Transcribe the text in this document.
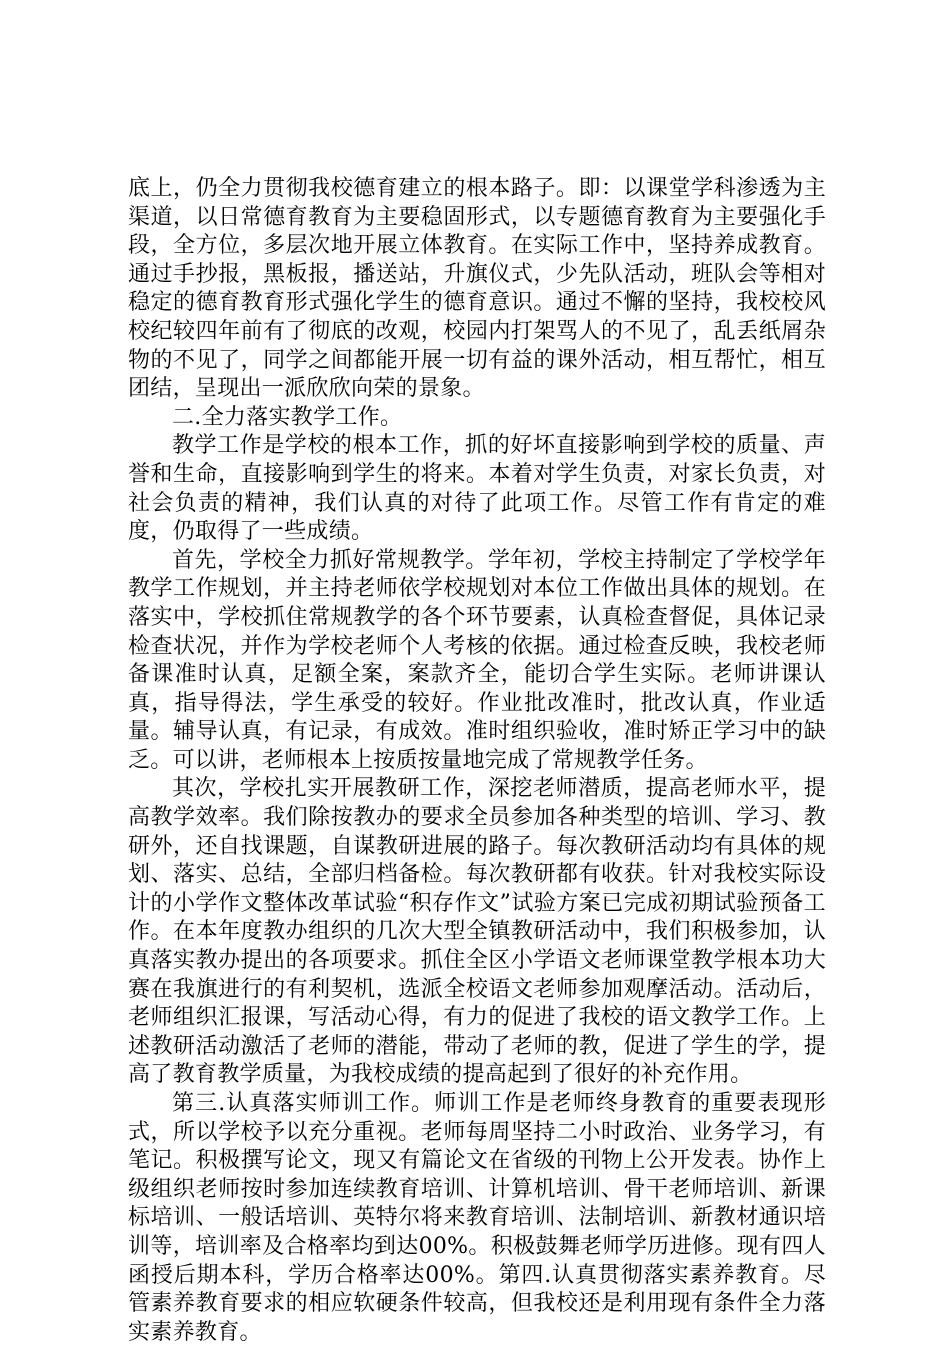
底上，仍全力贯彻我校德育建立的根本路子。即：以课堂学科渗透为主渠道，以日常德育教育为主要稳固形式，以专题德育教育为主要强化手段，全方位，多层次地开展立体教育。在实际工作中，坚持养成教育。通过手抄报，黑板报，播送站，升旗仪式，少先队活动，班队会等相对稳定的德育教育形式强化学生的德育意识。通过不懈的坚持，我校校风校纪较四年前有了彻底的改观，校园内打架骂人的不见了，乱丢纸屑杂物的不见了，同学之间都能开展一切有益的课外活动，相互帮忙，相互团结，呈现出一派欣欣向荣的景象。

二.全力落实教学工作。

教学工作是学校的根本工作，抓的好坏直接影响到学校的质量、声誉和生命，直接影响到学生的将来。本着对学生负责，对家长负责，对社会负责的精神，我们认真的对待了此项工作。尽管工作有肯定的难度，仍取得了一些成绩。

首先，学校全力抓好常规教学。学年初，学校主持制定了学校学年教学工作规划，并主持老师依学校规划对本位工作做出具体的规划。在落实中，学校抓住常规教学的各个环节要素，认真检查督促，具体记录检查状况，并作为学校老师个人考核的依据。通过检查反映，我校老师备课准时认真，足额全案，案款齐全，能切合学生实际。老师讲课认真，指导得法，学生承受的较好。作业批改准时，批改认真，作业适量。辅导认真，有记录，有成效。准时组织验收，准时矫正学习中的缺乏。可以讲，老师根本上按质按量地完成了常规教学任务。

其次，学校扎实开展教研工作，深挖老师潜质，提高老师水平，提高教学效率。我们除按教办的要求全员参加各种类型的培训、学习、教研外，还自找课题，自谋教研进展的路子。每次教研活动均有具体的规划、落实、总结，全部归档备检。每次教研都有收获。针对我校实际设计的小学作文整体改革试验“积存作文”试验方案已完成初期试验预备工作。在本年度教办组织的几次大型全镇教研活动中，我们积极参加，认真落实教办提出的各项要求。抓住全区小学语文老师课堂教学根本功大赛在我旗进行的有利契机，选派全校语文老师参加观摩活动。活动后，老师组织汇报课，写活动心得，有力的促进了我校的语文教学工作。上述教研活动激活了老师的潜能，带动了老师的教，促进了学生的学，提高了教育教学质量，为我校成绩的提高起到了很好的补充作用。

第三.认真落实师训工作。师训工作是老师终身教育的重要表现形式，所以学校予以充分重视。老师每周坚持二小时政治、业务学习，有笔记。积极撰写论文，现又有篇论文在省级的刊物上公开发表。协作上级组织老师按时参加连续教育培训、计算机培训、骨干老师培训、新课标培训、一般话培训、英特尔将来教育培训、法制培训、新教材通识培训等，培训率及合格率均到达00%。积极鼓舞老师学历进修。现有四人函授后期本科，学历合格率达00%。第四.认真贯彻落实素养教育。尽管素养教育要求的相应软硬条件较高，但我校还是利用现有条件全力落实素养教育。
